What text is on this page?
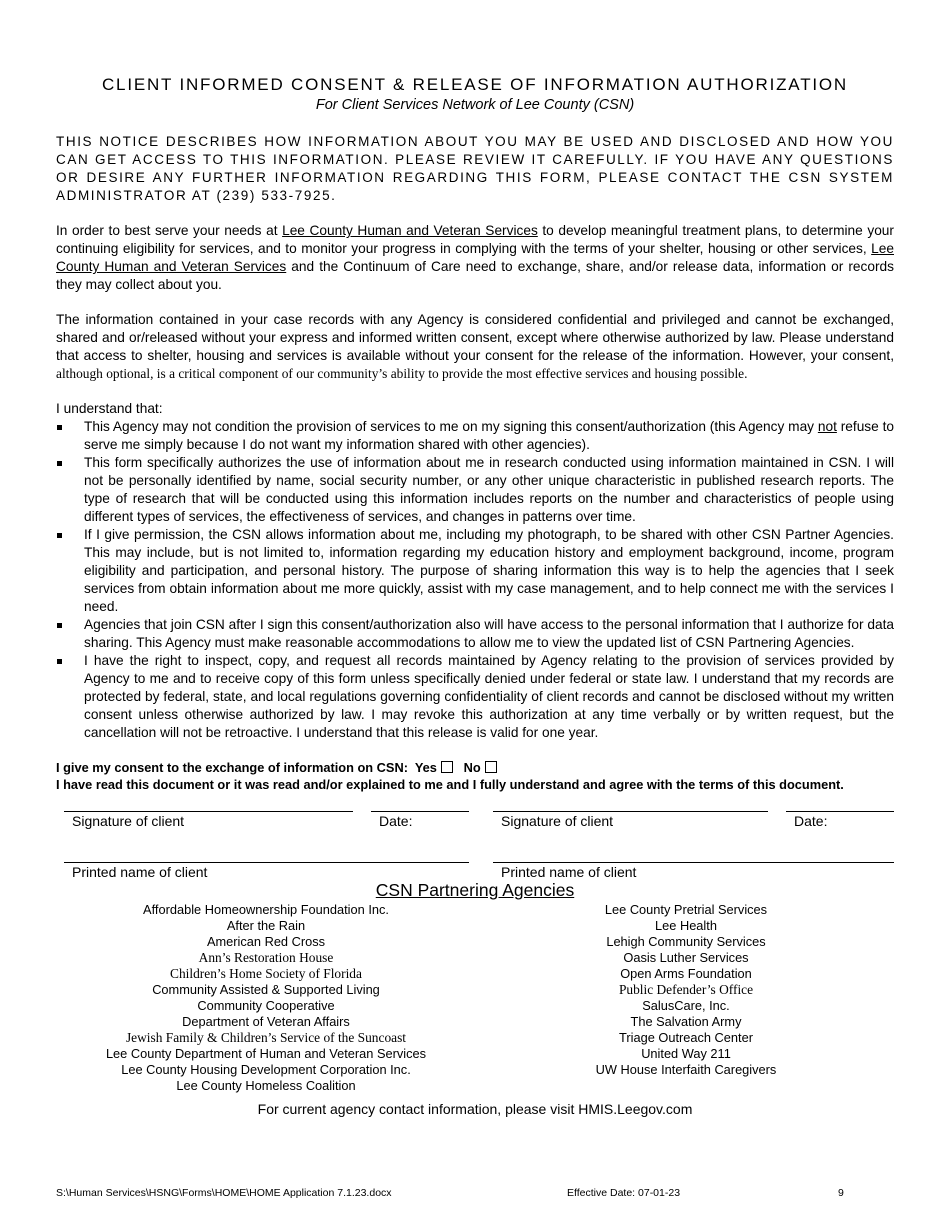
CLIENT INFORMED CONSENT & RELEASE OF INFORMATION AUTHORIZATION
For Client Services Network of Lee County (CSN)
THIS NOTICE DESCRIBES HOW INFORMATION ABOUT YOU MAY BE USED AND DISCLOSED AND HOW YOU CAN GET ACCESS TO THIS INFORMATION. PLEASE REVIEW IT CAREFULLY. IF YOU HAVE ANY QUESTIONS OR DESIRE ANY FURTHER INFORMATION REGARDING THIS FORM, PLEASE CONTACT THE CSN SYSTEM ADMINISTRATOR AT (239) 533-7925.
In order to best serve your needs at Lee County Human and Veteran Services to develop meaningful treatment plans, to determine your continuing eligibility for services, and to monitor your progress in complying with the terms of your shelter, housing or other services, Lee County Human and Veteran Services and the Continuum of Care need to exchange, share, and/or release data, information or records they may collect about you.
The information contained in your case records with any Agency is considered confidential and privileged and cannot be exchanged, shared and or/released without your express and informed written consent, except where otherwise authorized by law. Please understand that access to shelter, housing and services is available without your consent for the release of the information. However, your consent, although optional, is a critical component of our community’s ability to provide the most effective services and housing possible.
I understand that:
This Agency may not condition the provision of services to me on my signing this consent/authorization (this Agency may not refuse to serve me simply because I do not want my information shared with other agencies).
This form specifically authorizes the use of information about me in research conducted using information maintained in CSN. I will not be personally identified by name, social security number, or any other unique characteristic in published research reports. The type of research that will be conducted using this information includes reports on the number and characteristics of people using different types of services, the effectiveness of services, and changes in patterns over time.
If I give permission, the CSN allows information about me, including my photograph, to be shared with other CSN Partner Agencies. This may include, but is not limited to, information regarding my education history and employment background, income, program eligibility and participation, and personal history. The purpose of sharing information this way is to help the agencies that I seek services from obtain information about me more quickly, assist with my case management, and to help connect me with the services I need.
Agencies that join CSN after I sign this consent/authorization also will have access to the personal information that I authorize for data sharing. This Agency must make reasonable accommodations to allow me to view the updated list of CSN Partnering Agencies.
I have the right to inspect, copy, and request all records maintained by Agency relating to the provision of services provided by Agency to me and to receive copy of this form unless specifically denied under federal or state law. I understand that my records are protected by federal, state, and local regulations governing confidentiality of client records and cannot be disclosed without my written consent unless otherwise authorized by law. I may revoke this authorization at any time verbally or by written request, but the cancellation will not be retroactive. I understand that this release is valid for one year.
I give my consent to the exchange of information on CSN: Yes No
I have read this document or it was read and/or explained to me and I fully understand and agree with the terms of this document.
Signature of client	Date:	Signature of client	Date:
Printed name of client	Printed name of client
CSN Partnering Agencies
Affordable Homeownership Foundation Inc.
After the Rain
American Red Cross
Ann’s Restoration House
Children’s Home Society of Florida
Community Assisted & Supported Living
Community Cooperative
Department of Veteran Affairs
Jewish Family & Children’s Service of the Suncoast
Lee County Department of Human and Veteran Services
Lee County Housing Development Corporation Inc.
Lee County Homeless Coalition
Lee County Pretrial Services
Lee Health
Lehigh Community Services
Oasis Luther Services
Open Arms Foundation
Public Defender’s Office
SalusCare, Inc.
The Salvation Army
Triage Outreach Center
United Way 211
UW House Interfaith Caregivers
For current agency contact information, please visit HMIS.Leegov.com
S:\Human Services\HSNG\Forms\HOME\HOME Application 7.1.23.docx	Effective Date: 07-01-23	9
